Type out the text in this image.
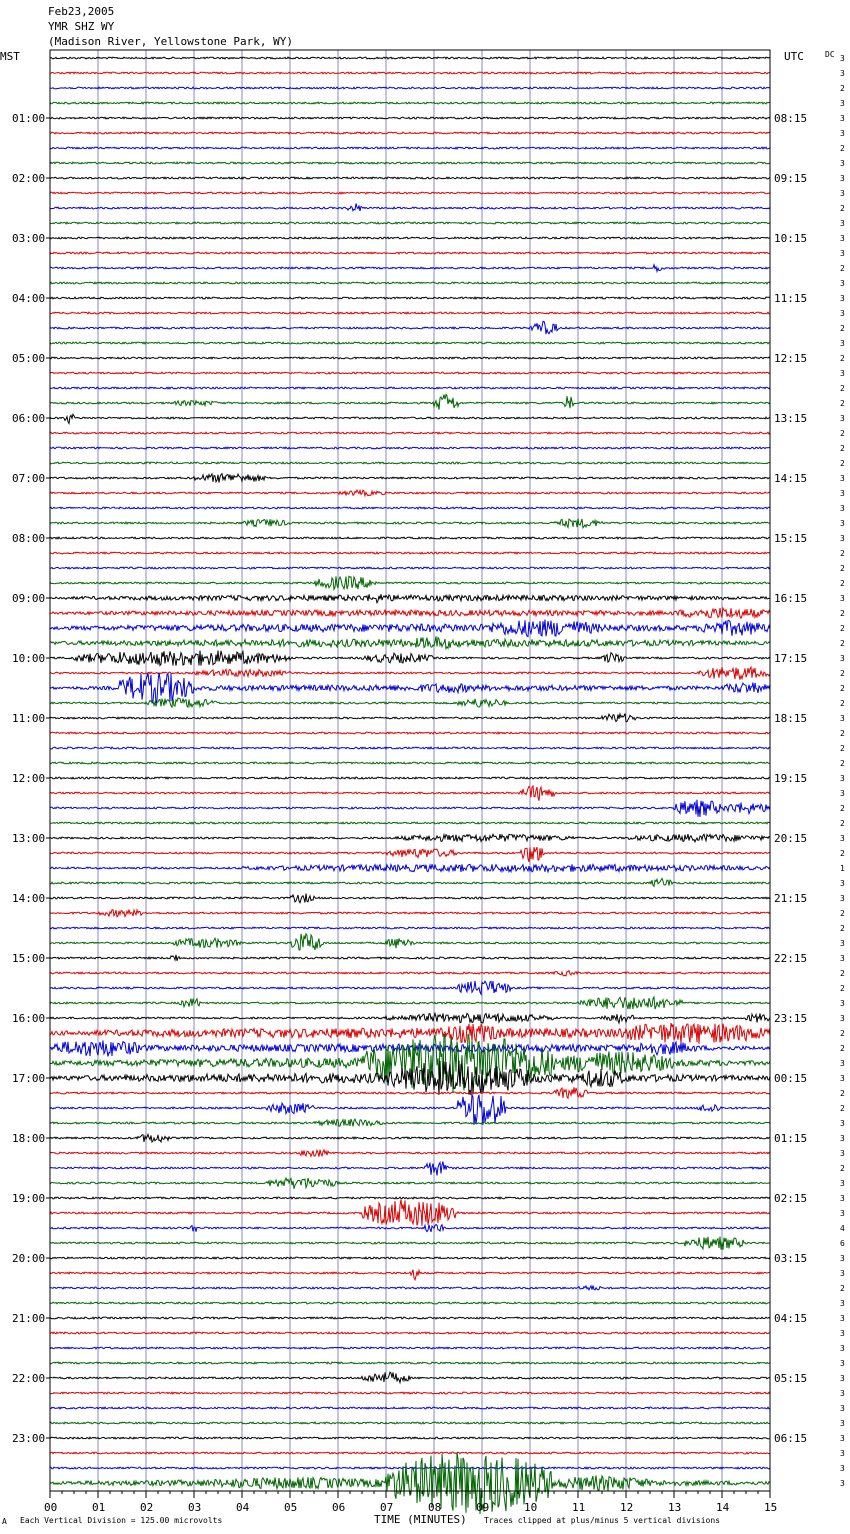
Feb23,2005
YMR SHZ WY
(Madison River, Yellowstone Park, WY)
MST	UTC	DC
01:00
02:00
03:00
04:00
05:00
06:00
07:00
08:00
09:00
10:00
11:00
12:00
13:00
14:00
15:00
16:00
17:00
18:00
19:00
20:00
21:00
22:00
23:00
08:15
09:15
10:15
11:15
12:15
13:15
14:15
15:15
16:15
17:15
18:15
19:15
20:15
21:15
22:15
23:15
00:15
01:15
02:15
03:15
04:15
05:15
06:15
3
3
2
3
3
3
2
3
3
3
2
3
3
3
2
3
3
3
2
3
2
3
2
2
3
2
2
2
3
3
3
3
3
2
2
2
3
2
2
2
3
2
2
2
3
2
2
2
3
3
2
2
3
2
1
3
3
2
2
3
3
2
2
3
3
2
2
3
3
2
2
3
3
3
2
3
3
3
4
6
3
3
2
3
3
3
3
3
3
3
3
3
3
3
3
3
00	01	02	03	04	05	06	07	08	09	10	11	12	13	14	15
TIME (MINUTES)
A Each Vertical Division = 125.00 microvolts	Traces clipped at plus/minus 5 vertical divisions
